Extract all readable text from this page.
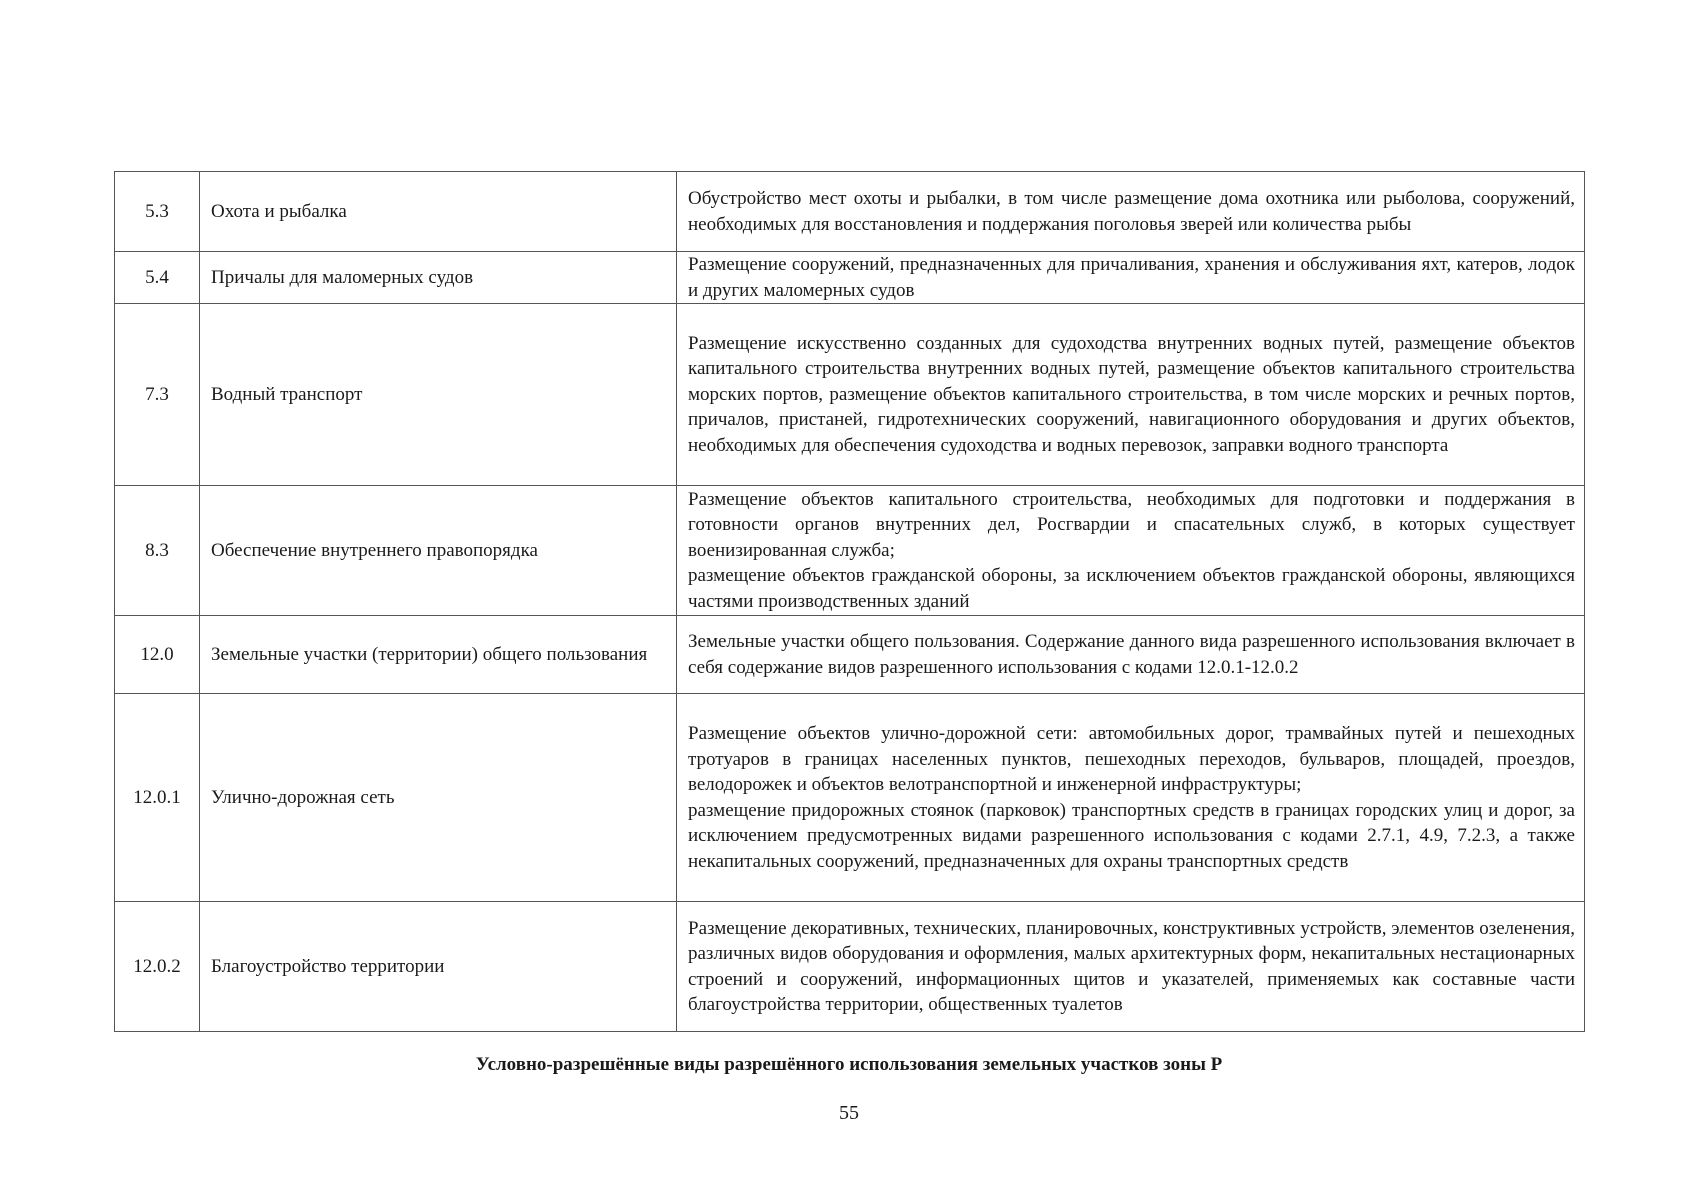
5.3	Охота и рыбалка	Обустройство мест охоты и рыбалки, в том числе размещение дома охотника или рыболова, сооружений, необходимых для восстановления и поддержания поголовья зверей или количества рыбы

5.4	Причалы для маломерных судов	Размещение сооружений, предназначенных для причаливания, хранения и обслуживания яхт, катеров, лодок и других маломерных судов

7.3	Водный транспорт	Размещение искусственно созданных для судоходства внутренних водных путей, размещение объектов капитального строительства внутренних водных путей, размещение объектов капитального строительства морских портов, размещение объектов капитального строительства, в том числе морских и речных портов, причалов, пристаней, гидротехнических сооружений, навигационного оборудования и других объектов, необходимых для обеспечения судоходства и водных перевозок, заправки водного транспорта

8.3	Обеспечение внутреннего правопорядка	Размещение объектов капитального строительства, необходимых для подготовки и поддержания в готовности органов внутренних дел, Росгвардии и спасательных служб, в которых существует военизированная служба;

размещение объектов гражданской обороны, за исключением объектов гражданской обороны, являющихся частями производственных зданий

12.0	Земельные участки (территории) общего пользования	Земельные участки общего пользования. Содержание данного вида разрешенного использования включает в себя содержание видов разрешенного использования с кодами 12.0.1-12.0.2

12.0.1	Улично-дорожная сеть	Размещение объектов улично-дорожной сети: автомобильных дорог, трамвайных путей и пешеходных тротуаров в границах населенных пунктов, пешеходных переходов, бульваров, площадей, проездов, велодорожек и объектов велотранспортной и инженерной инфраструктуры;

размещение придорожных стоянок (парковок) транспортных средств в границах городских улиц и дорог, за исключением предусмотренных видами разрешенного использования с кодами 2.7.1, 4.9, 7.2.3, а также некапитальных сооружений, предназначенных для охраны транспортных средств

12.0.2	Благоустройство территории	Размещение декоративных, технических, планировочных, конструктивных устройств, элементов озеленения, различных видов оборудования и оформления, малых архитектурных форм, некапитальных нестационарных строений и сооружений, информационных щитов и указателей, применяемых как составные части благоустройства территории, общественных туалетов

Условно-разрешённые виды разрешённого использования земельных участков зоны Р
55
